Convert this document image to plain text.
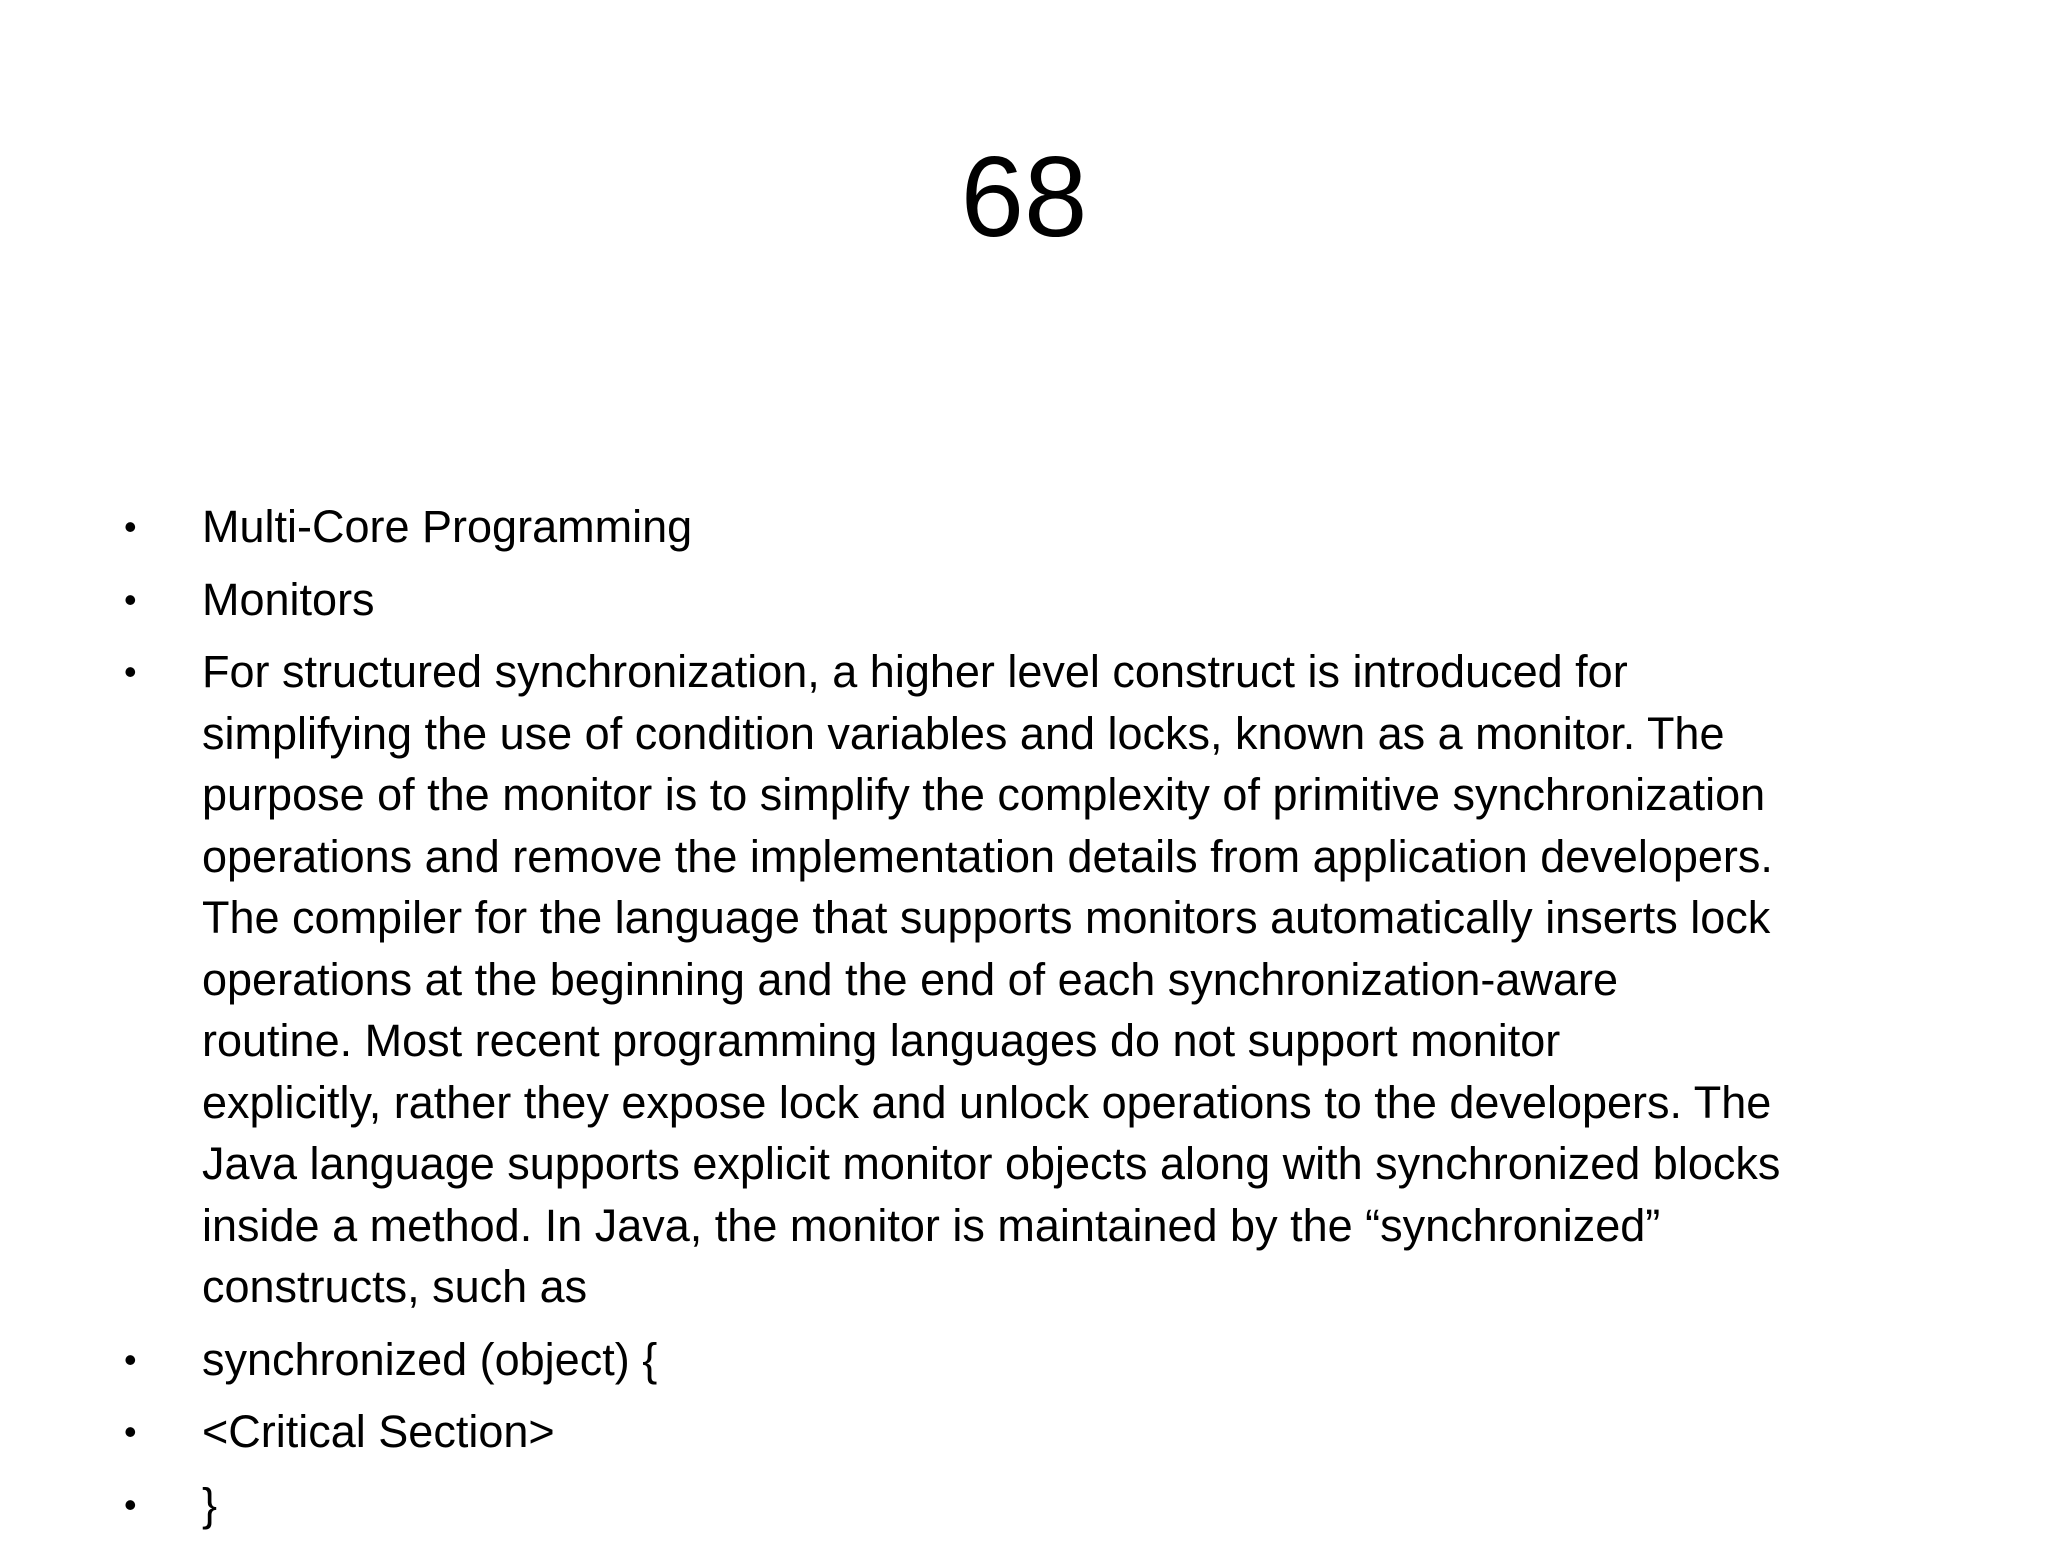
68
•	Multi-Core Programming
•	Monitors
•	For structured synchronization, a higher level construct is introduced for
simplifying the use of condition variables and locks, known as a monitor. The
purpose of the monitor is to simplify the complexity of primitive synchronization
operations and remove the implementation details from application developers.
The compiler for the language that supports monitors automatically inserts lock
operations at the beginning and the end of each synchronization-aware
routine. Most recent programming languages do not support monitor
explicitly, rather they expose lock and unlock operations to the developers. The
Java language supports explicit monitor objects along with synchronized blocks
inside a method. In Java, the monitor is maintained by the “synchronized”
constructs, such as
•	synchronized (object) {
•	<Critical Section>
•	}
